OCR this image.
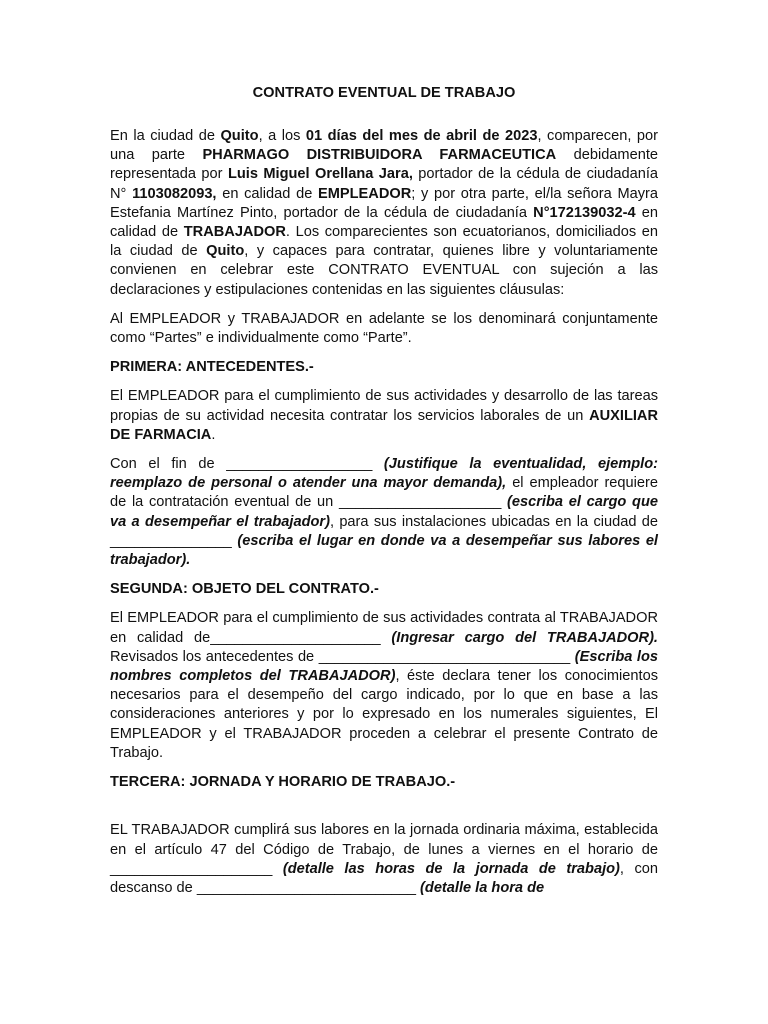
CONTRATO EVENTUAL DE TRABAJO

En la ciudad de Quito, a los 01 días del mes de abril de 2023, comparecen, por una parte PHARMAGO DISTRIBUIDORA FARMACEUTICA debidamente representada por Luis Miguel Orellana Jara, portador de la cédula de ciudadanía N° 1103082093, en calidad de EMPLEADOR; y por otra parte, el/la señora Mayra Estefania Martínez Pinto, portador de la cédula de ciudadanía N°172139032-4 en calidad de TRABAJADOR. Los comparecientes son ecuatorianos, domiciliados en la ciudad de Quito, y capaces para contratar, quienes libre y voluntariamente convienen en celebrar este CONTRATO EVENTUAL con sujeción a las declaraciones y estipulaciones contenidas en las siguientes cláusulas:

Al EMPLEADOR y TRABAJADOR en adelante se los denominará conjuntamente como “Partes” e individualmente como “Parte”.

PRIMERA: ANTECEDENTES.-

El EMPLEADOR para el cumplimiento de sus actividades y desarrollo de las tareas propias de su actividad necesita contratar los servicios laborales de un AUXILIAR DE FARMACIA.

Con el fin de __________________ (Justifique la eventualidad, ejemplo: reemplazo de personal o atender una mayor demanda), el empleador requiere de la contratación eventual de un ____________________ (escriba el cargo que va a desempeñar el trabajador), para sus instalaciones ubicadas en la ciudad de _______________ (escriba el lugar en donde va a desempeñar sus labores el trabajador).

SEGUNDA: OBJETO DEL CONTRATO.-

El EMPLEADOR para el cumplimiento de sus actividades contrata al TRABAJADOR en calidad de_____________________ (Ingresar cargo del TRABAJADOR). Revisados los antecedentes de _______________________________ (Escriba los nombres completos del TRABAJADOR), éste declara tener los conocimientos necesarios para el desempeño del cargo indicado, por lo que en base a las consideraciones anteriores y por lo expresado en los numerales siguientes, El EMPLEADOR y el TRABAJADOR proceden a celebrar el presente Contrato de Trabajo.

TERCERA: JORNADA Y HORARIO DE TRABAJO.-

EL TRABAJADOR cumplirá sus labores en la jornada ordinaria máxima, establecida en el artículo 47 del Código de Trabajo, de lunes a viernes en el horario de ____________________ (detalle las horas de la jornada de trabajo), con descanso de ___________________________ (detalle la hora de
